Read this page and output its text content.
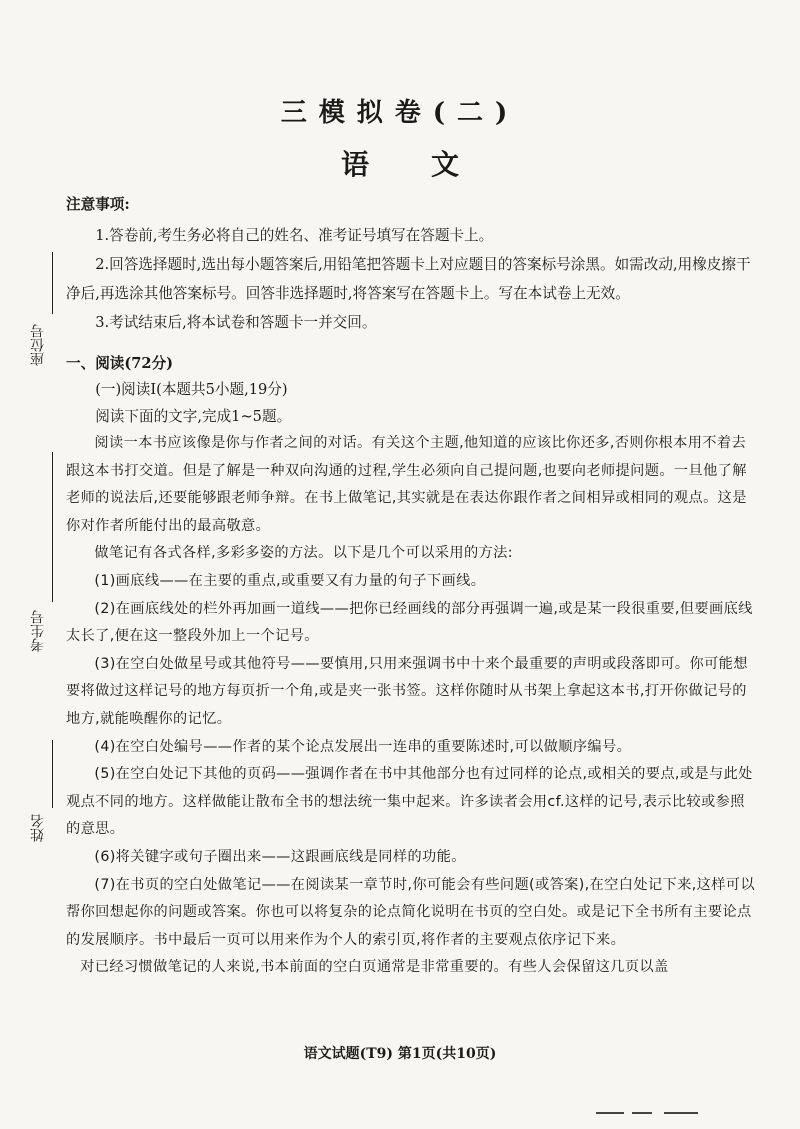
座位号
考生号
姓名
三模拟卷(二)
语文

注意事项:

1.答卷前,考生务必将自己的姓名、准考证号填写在答题卡上。

2.回答选择题时,选出每小题答案后,用铅笔把答题卡上对应题目的答案标号涂黑。如需改动,用橡皮擦干净后,再选涂其他答案标号。回答非选择题时,将答案写在答题卡上。写在本试卷上无效。

3.考试结束后,将本试卷和答题卡一并交回。

一、阅读(72分)

(一)阅读Ⅰ(本题共5小题,19分)

阅读下面的文字,完成1~5题。

阅读一本书应该像是你与作者之间的对话。有关这个主题,他知道的应该比你还多,否则你根本用不着去跟这本书打交道。但是了解是一种双向沟通的过程,学生必须向自己提问题,也要向老师提问题。一旦他了解老师的说法后,还要能够跟老师争辩。在书上做笔记,其实就是在表达你跟作者之间相异或相同的观点。这是你对作者所能付出的最高敬意。

做笔记有各式各样,多彩多姿的方法。以下是几个可以采用的方法:

(1)画底线——在主要的重点,或重要又有力量的句子下画线。

(2)在画底线处的栏外再加画一道线——把你已经画线的部分再强调一遍,或是某一段很重要,但要画底线太长了,便在这一整段外加上一个记号。

(3)在空白处做星号或其他符号——要慎用,只用来强调书中十来个最重要的声明或段落即可。你可能想要将做过这样记号的地方每页折一个角,或是夹一张书签。这样你随时从书架上拿起这本书,打开你做记号的地方,就能唤醒你的记忆。

(4)在空白处编号——作者的某个论点发展出一连串的重要陈述时,可以做顺序编号。

(5)在空白处记下其他的页码——强调作者在书中其他部分也有过同样的论点,或相关的要点,或是与此处观点不同的地方。这样做能让散布全书的想法统一集中起来。许多读者会用cf.这样的记号,表示比较或参照的意思。

(6)将关键字或句子圈出来——这跟画底线是同样的功能。

(7)在书页的空白处做笔记——在阅读某一章节时,你可能会有些问题(或答案),在空白处记下来,这样可以帮你回想起你的问题或答案。你也可以将复杂的论点简化说明在书页的空白处。或是记下全书所有主要论点的发展顺序。书中最后一页可以用来作为个人的索引页,将作者的主要观点依序记下来。

对已经习惯做笔记的人来说,书本前面的空白页通常是非常重要的。有些人会保留这几页以盖

语文试题(T9) 第1页(共10页)
